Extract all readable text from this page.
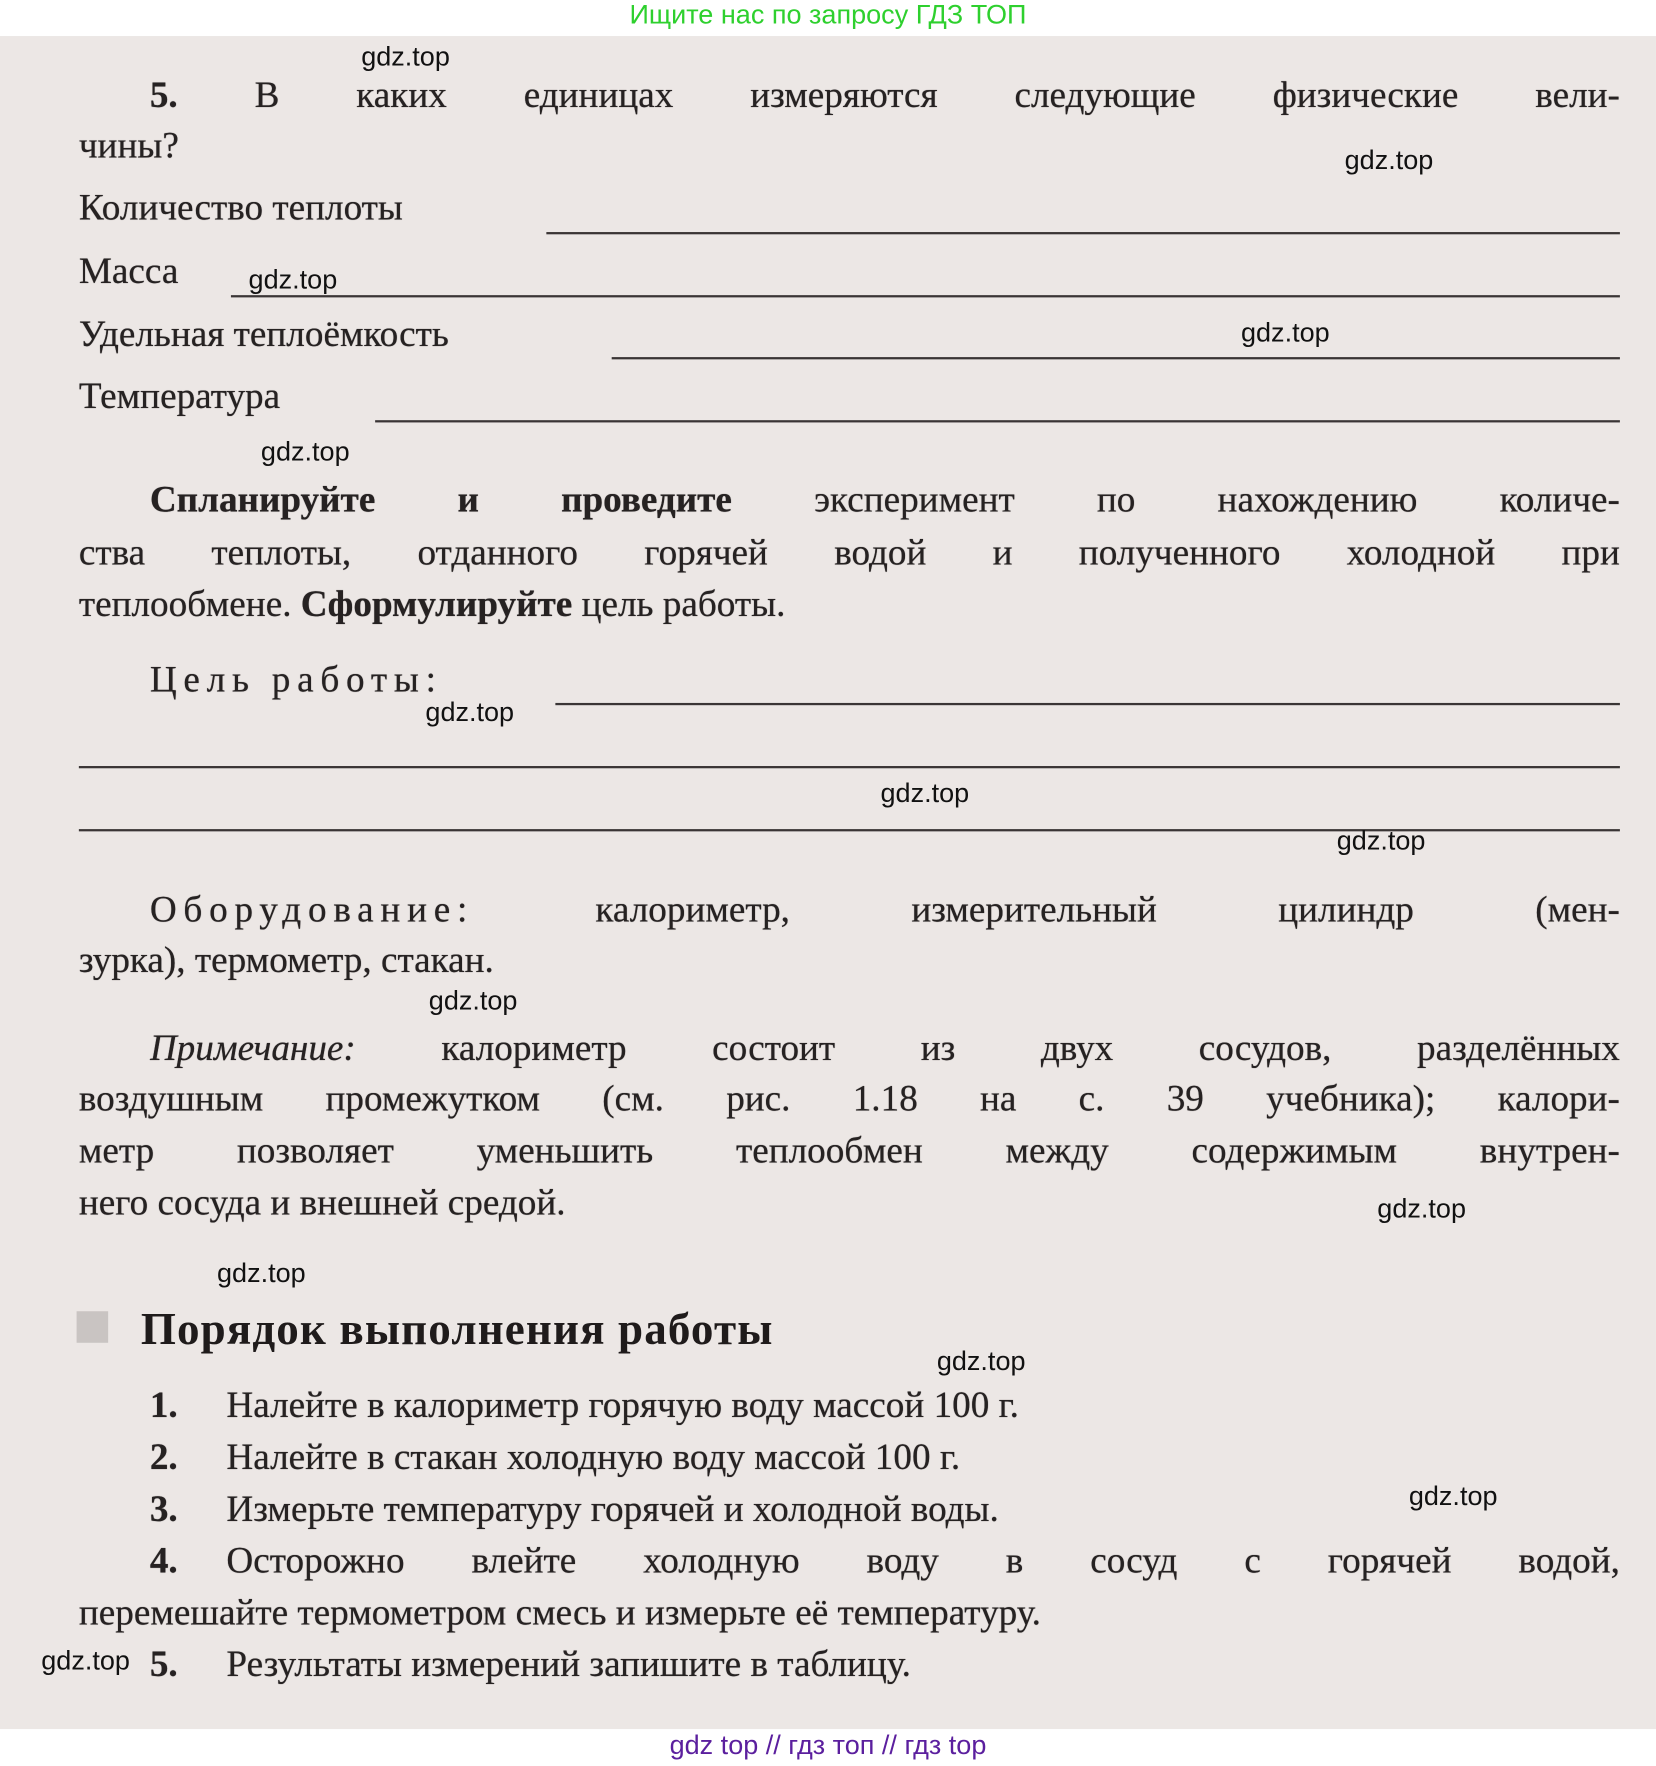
Ищите нас по запросу ГДЗ ТОП
5. В каких единицах измеряются следующие физические вели-
чины?
Количество теплоты
Масса
Удельная теплоёмкость
Температура
Спланируйте и проведите эксперимент по нахождению количе-
ства теплоты, отданного горячей водой и полученного холодной при
теплообмене. Сформулируйте цель работы.
Цель работы:
Оборудование: калориметр, измерительный цилиндр (мен-
зурка), термометр, стакан.
Примечание: калориметр состоит из двух сосудов, разделённых
воздушным промежутком (см. рис. 1.18 на с. 39 учебника); калори-
метр позволяет уменьшить теплообмен между содержимым внутрен-
него сосуда и внешней средой.
Порядок выполнения работы
1. Налейте в калориметр горячую воду массой 100 г.
2. Налейте в стакан холодную воду массой 100 г.
3. Измерьте температуру горячей и холодной воды.
4. Осторожно влейте холодную воду в сосуд с горячей водой,
перемешайте термометром смесь и измерьте её температуру.
5. Результаты измерений запишите в таблицу.
gdz.top
gdz.top
gdz.top
gdz.top
gdz.top
gdz.top
gdz.top
gdz.top
gdz.top
gdz.top
gdz.top
gdz.top
gdz.top
gdz.top
gdz top // гдз топ // гдз top
